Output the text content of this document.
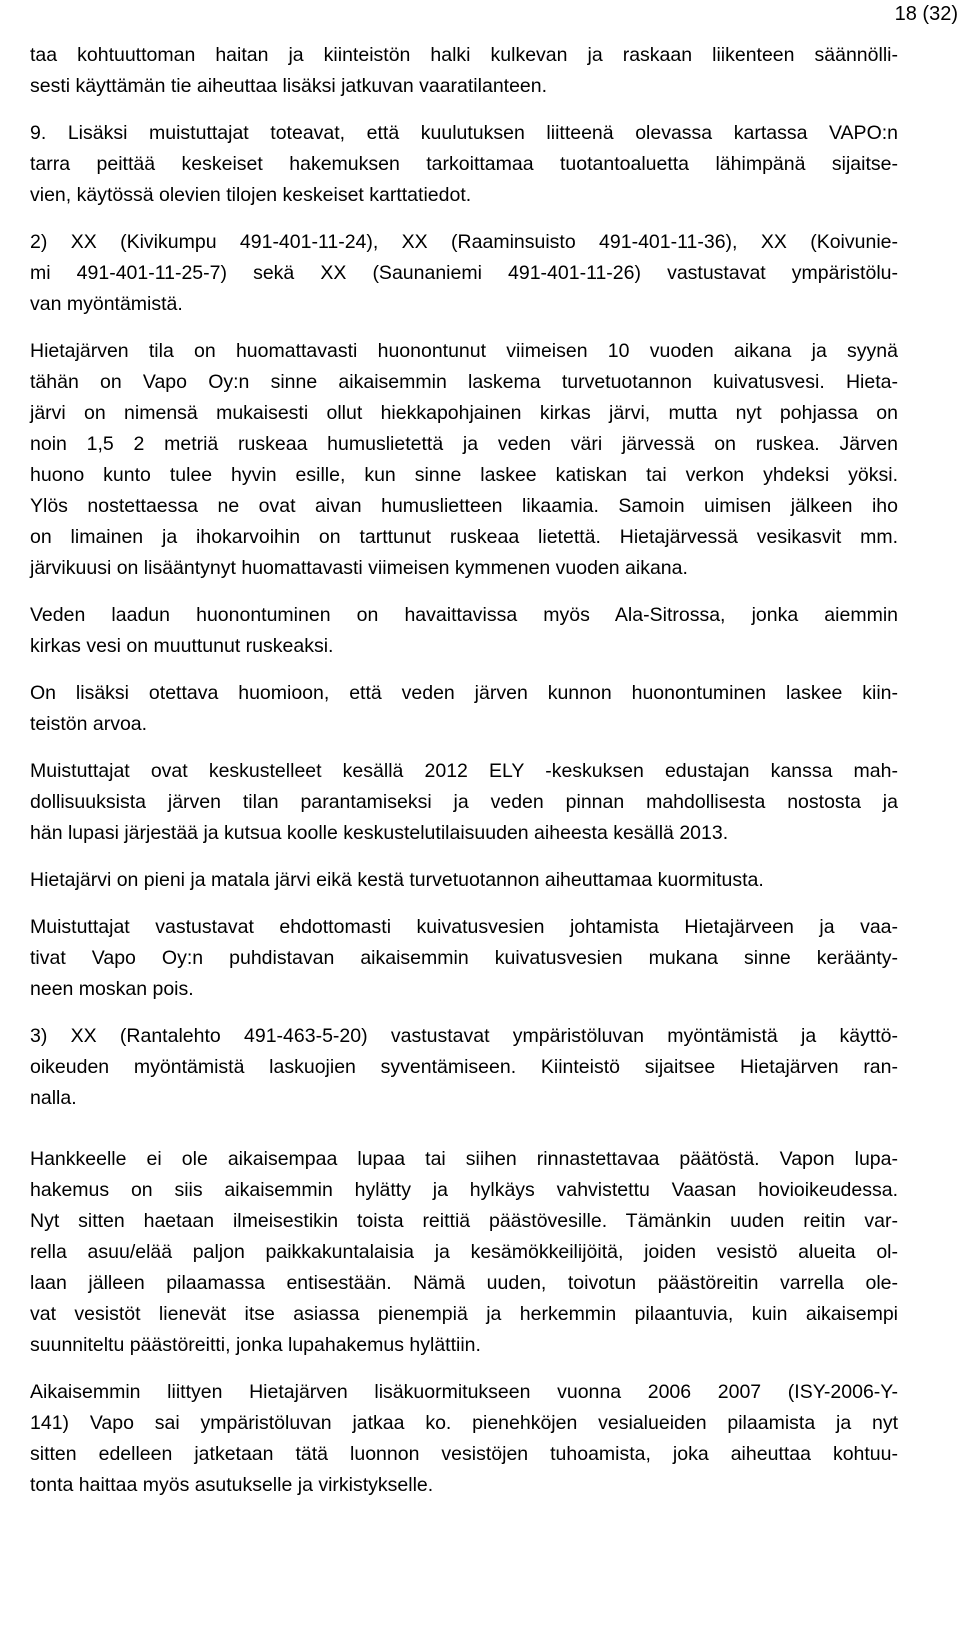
18 (32)
taa kohtuuttoman haitan ja kiinteistön halki kulkevan ja raskaan liikenteen säännölli-
sesti käyttämän tie aiheuttaa lisäksi jatkuvan vaaratilanteen.
9. Lisäksi muistuttajat toteavat, että kuulutuksen liitteenä olevassa kartassa VAPO:n
tarra peittää keskeiset hakemuksen tarkoittamaa tuotantoaluetta lähimpänä sijaitse-
vien, käytössä olevien tilojen keskeiset karttatiedot.
2) XX (Kivikumpu 491-401-11-24), XX (Raaminsuisto 491-401-11-36), XX (Koivunie-
mi 491-401-11-25-7) sekä XX (Saunaniemi 491-401-11-26) vastustavat ympäristölu-
van myöntämistä.
Hietajärven tila on huomattavasti huonontunut viimeisen 10 vuoden aikana ja syynä
tähän on Vapo Oy:n sinne aikaisemmin laskema turvetuotannon kuivatusvesi. Hieta-
järvi on nimensä mukaisesti ollut hiekkapohjainen kirkas järvi, mutta nyt pohjassa on
noin 1,5 2 metriä ruskeaa humuslietettä ja veden väri järvessä on ruskea. Järven
huono kunto tulee hyvin esille, kun sinne laskee katiskan tai verkon yhdeksi yöksi.
Ylös nostettaessa ne ovat aivan humusliettееn likaamia. Samoin uimisen jälkeen iho
on limainen ja ihokarvoihin on tarttunut ruskeaa lietettä. Hietajärvessä vesikasvit mm.
järvikuusi on lisääntynyt huomattavasti viimeisen kymmenen vuoden aikana.
Veden laadun huonontuminen on havaittavissa myös Ala-Sitrossa, jonka aiemmin
kirkas vesi on muuttunut ruskeaksi.
On lisäksi otettava huomioon, että veden järven kunnon huonontuminen laskee kiin-
teistön arvoa.
Muistuttajat ovat keskustelleet kesällä 2012 ELY -keskuksen edustajan kanssa mah-
dollisuuksista järven tilan parantamiseksi ja veden pinnan mahdollisesta nostosta ja
hän lupasi järjestää ja kutsua koolle keskustelutilaisuuden aiheesta kesällä 2013.
Hietajärvi on pieni ja matala järvi eikä kestä turvetuotannon aiheuttamaa kuormitusta.
Muistuttajat vastustavat ehdottomasti kuivatusvesien johtamista Hietajärveen ja vaa-
tivat Vapo Oy:n puhdistavan aikaisemmin kuivatusvesien mukana sinne kerääntу-
neen moskan pois.
3) XX (Rantalehto 491-463-5-20) vastustavat ympäristöluvan myöntämistä ja käyttö-
oikeuden myöntämistä laskuojien syventämiseen. Kiinteistö sijaitsee Hietajärven ran-
nalla.
Hankkeelle ei ole aikaisempaa lupaa tai siihen rinnastettavaa päätöstä. Vapon lupa-
hakemus on siis aikaisemmin hylätty ja hylkäys vahvistettu Vaasan hovioikeudessa.
Nyt sitten haetaan ilmeisestikin toista reittiä päästövesille. Tämänkin uuden reitin var-
rella asuu/elää paljon paikkakuntalaisia ja kesämökkeilijöitä, joiden vesistö alueita ol-
laan jälleen pilaamassa entisestään. Nämä uuden, toivotun päästöreitin varrella ole-
vat vesistöt lienevät itse asiassa pienempiä ja herkemmin pilaantuvia, kuin aikaisempi
suunniteltu päästöreitti, jonka lupahakemus hylättiin.
Aikaisemmin liittyen Hietajärven lisäkuormitukseen vuonna 2006 2007 (ISY-2006-Y-
141) Vapo sai ympäristöluvan jatkaa ko. pienehköjen vesialueiden pilaamista ja nyt
sitten edelleen jatketaan tätä luonnon vesistöjen tuhoamista, joka aiheuttaa kohtuu-
tonta haittaa myös asutukselle ja virkistykselle.
